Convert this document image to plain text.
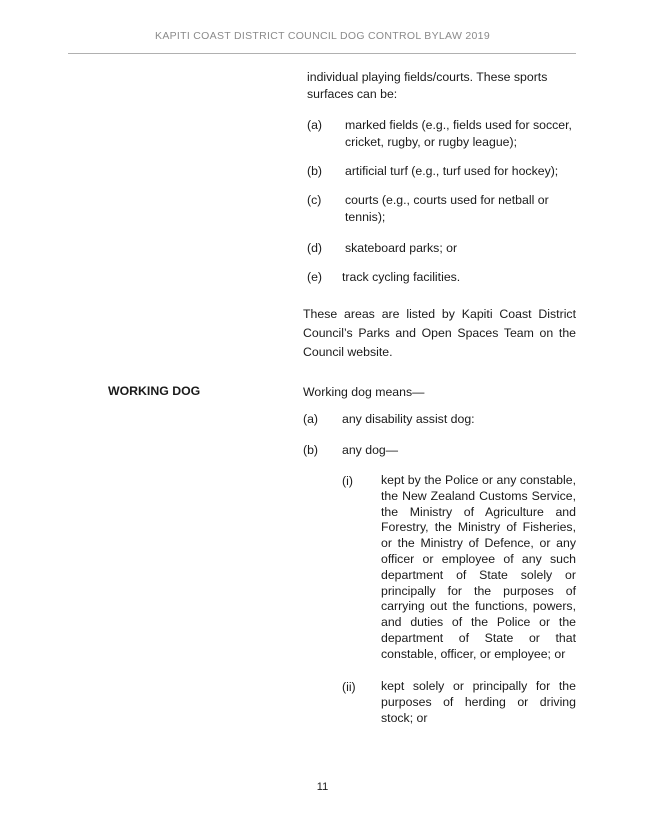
KAPITI COAST DISTRICT COUNCIL DOG CONTROL BYLAW 2019
individual playing fields/courts. These sports surfaces can be:
(a) marked fields (e.g., fields used for soccer, cricket, rugby, or rugby league);
(b) artificial turf (e.g., turf used for hockey);
(c) courts (e.g., courts used for netball or tennis);
(d) skateboard parks; or
(e) track cycling facilities.
These areas are listed by Kapiti Coast District Council’s Parks and Open Spaces Team on the Council website.
WORKING DOG	Working dog means—
(a) any disability assist dog:
(b) any dog—
(i) kept by the Police or any constable, the New Zealand Customs Service, the Ministry of Agriculture and Forestry, the Ministry of Fisheries, or the Ministry of Defence, or any officer or employee of any such department of State solely or principally for the purposes of carrying out the functions, powers, and duties of the Police or the department of State or that constable, officer, or employee; or
(ii) kept solely or principally for the purposes of herding or driving stock; or
11
